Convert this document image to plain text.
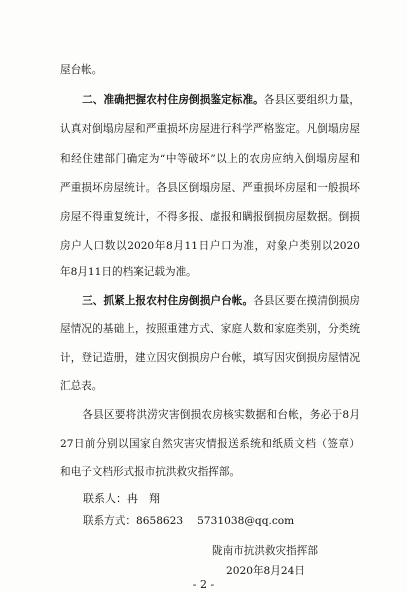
屋台帐。
二、准确把握农村住房倒损鉴定标准。各县区要组织力量，
认真对倒塌房屋和严重损坏房屋进行科学严格鉴定。凡倒塌房屋
和经住建部门确定为“中等破坏”以上的农房应纳入倒塌房屋和
严重损坏房屋统计。各县区倒塌房屋、严重损坏房屋和一般损坏
房屋不得重复统计，不得多报、虚报和瞒报倒损房屋数据。倒损
房户人口数以2020年8月11日户口为准，对象户类别以2020
年8月11日的档案记载为准。
三、抓紧上报农村住房倒损户台帐。各县区要在摸清倒损房
屋情况的基础上，按照重建方式、家庭人数和家庭类别，分类统
计，登记造册，建立因灾倒损房户台帐，填写因灾倒损房屋情况
汇总表。
各县区要将洪涝灾害倒损农房核实数据和台帐，务必于8月
27日前分别以国家自然灾害灾情报送系统和纸质文档（签章）
和电子文档形式报市抗洪救灾指挥部。
联系人：冉　翔
联系方式：8658623 573103​8@qq.com
陇南市抗洪救灾指挥部
2020年8月24日
- 2 -
